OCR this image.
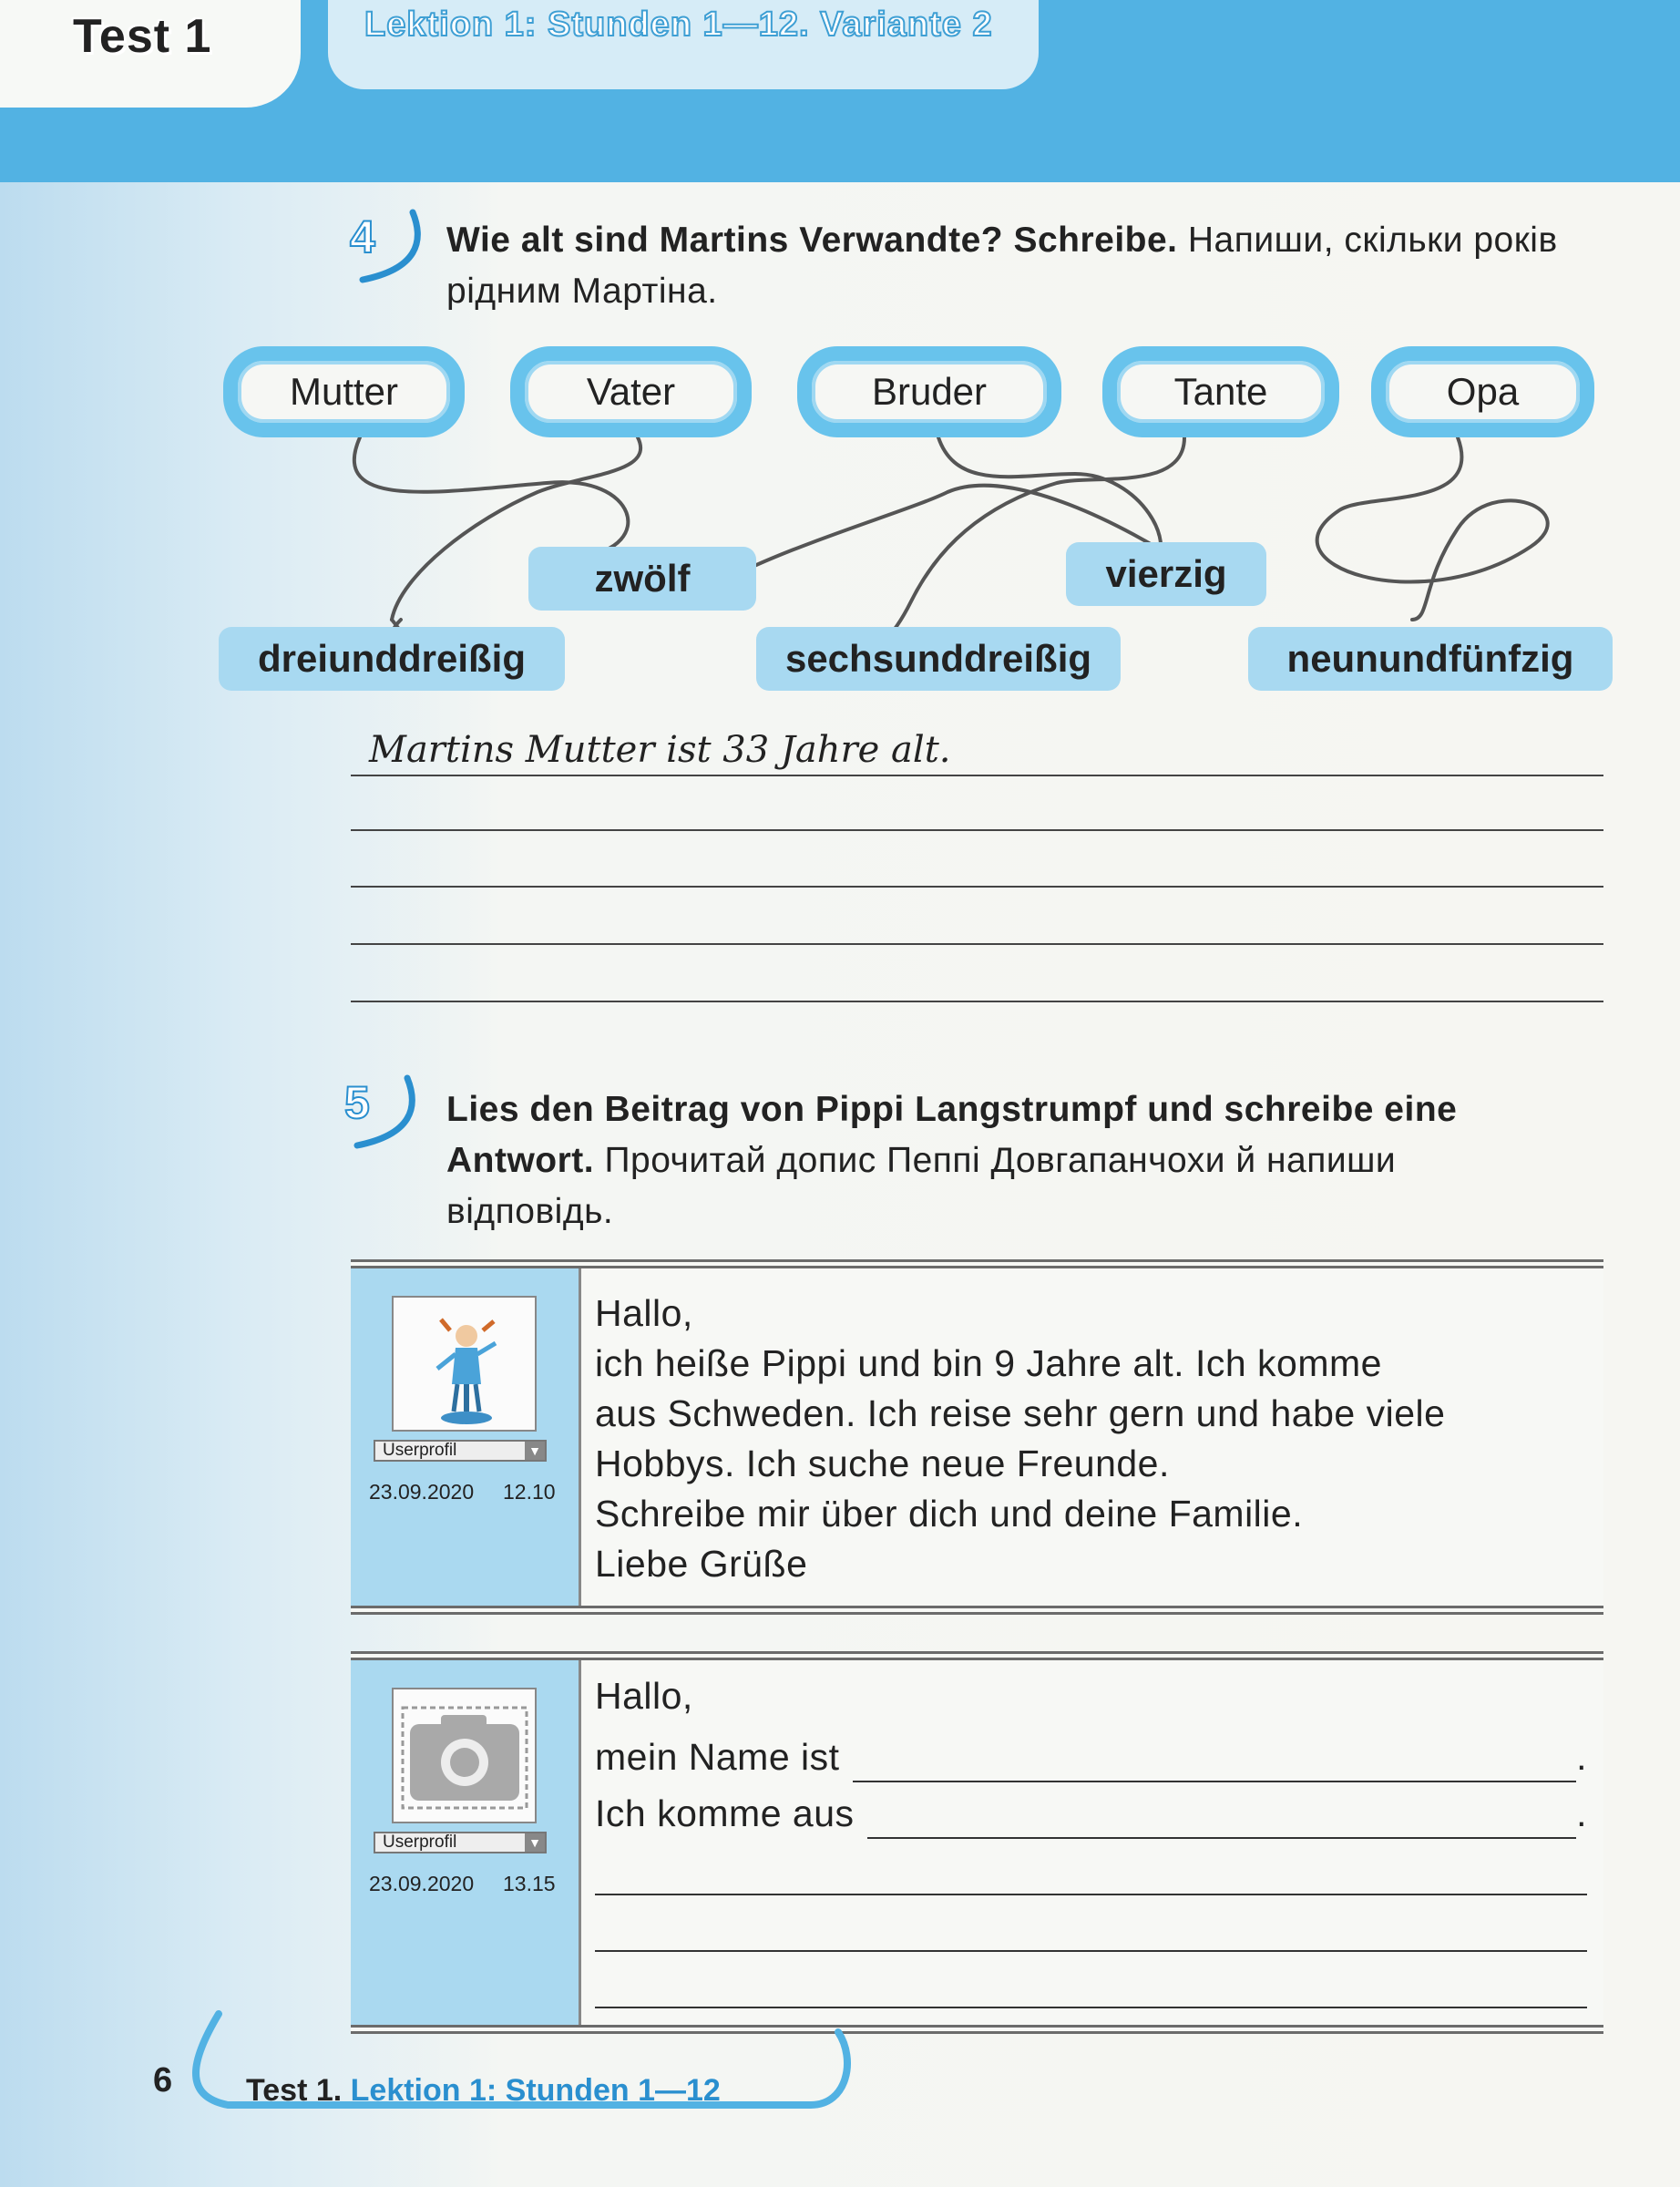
Test 1	Lektion 1: Stunden 1—12. Variante 2
4 Wie alt sind Martins Verwandte? Schreibe. Напиши, скільки років рідним Мартіна.
Mutter	Vater	Bruder	Tante	Opa
zwölf	vierzig
dreiunddreißig	sechsunddreißig	neunundfünfzig
Martins Mutter ist 33 Jahre alt.
5 Lies den Beitrag von Pippi Langstrumpf und schreibe eine
Antwort. Прочитай допис Пеппі Довгапанчохи й напиши
відповідь.
Userprofil	▼
23.09.2020 12.10
Hallo,
ich heiße Pippi und bin 9 Jahre alt. Ich komme
aus Schweden. Ich reise sehr gern und habe viele
Hobbys. Ich suche neue Freunde.
Schreibe mir über dich und deine Familie.
Liebe Grüße
Userprofil	▼
23.09.2020 13.15
Hallo,
mein Name ist	.
Ich komme aus	.
6 Test 1. Lektion 1: Stunden 1—12
